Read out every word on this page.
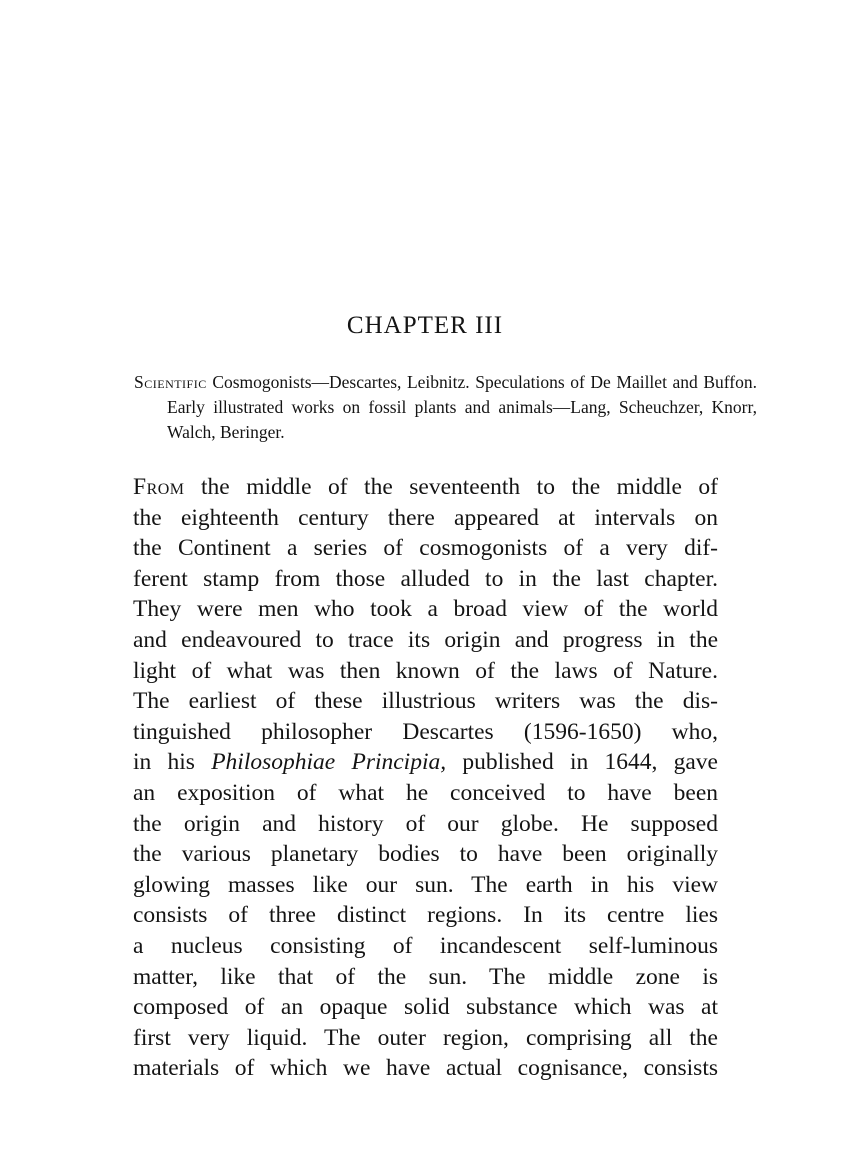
CHAPTER III

Scientific Cosmogonists—Descartes, Leibnitz. Speculations of De Maillet and Buffon. Early illustrated works on fossil plants and animals—Lang, Scheuchzer, Knorr, Walch, Beringer.

From the middle of the seventeenth to the middle of
the eighteenth century there appeared at intervals on
the Continent a series of cosmogonists of a very dif-
ferent stamp from those alluded to in the last chapter.
They were men who took a broad view of the world
and endeavoured to trace its origin and progress in the
light of what was then known of the laws of Nature.
The earliest of these illustrious writers was the dis-
tinguished philosopher Descartes (1596-1650) who,
in his Philosophiae Principia, published in 1644, gave
an exposition of what he conceived to have been
the origin and history of our globe. He supposed
the various planetary bodies to have been originally
glowing masses like our sun. The earth in his view
consists of three distinct regions. In its centre lies
a nucleus consisting of incandescent self-luminous
matter, like that of the sun. The middle zone is
composed of an opaque solid substance which was at
first very liquid. The outer region, comprising all the
materials of which we have actual cognisance, consists
